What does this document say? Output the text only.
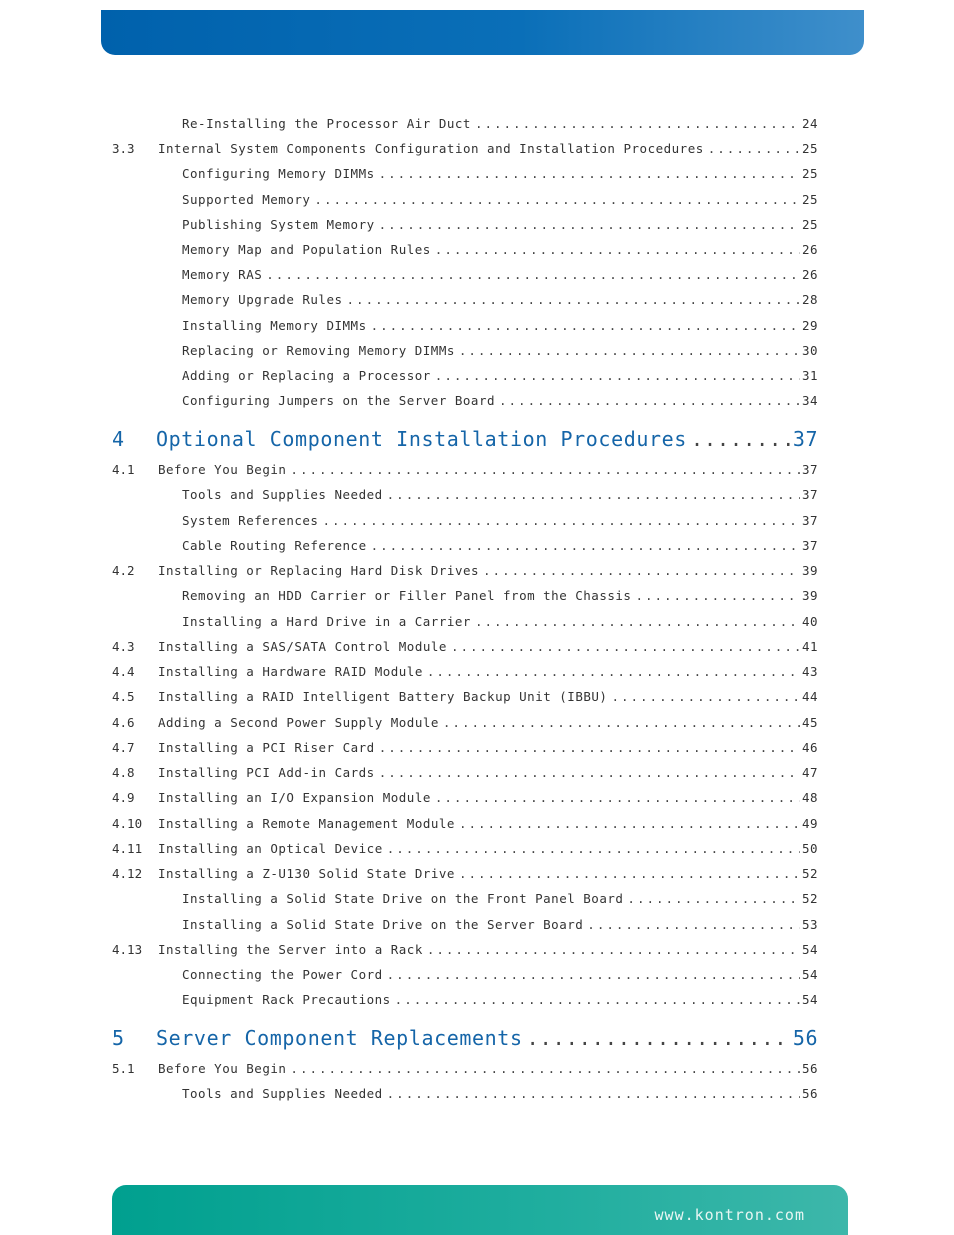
Re-Installing the Processor Air Duct .....	24
3.3	Internal System Components Configuration and Installation Procedures .....	25
Configuring Memory DIMMs .....	25
Supported Memory .....	25
Publishing System Memory .....	25
Memory Map and Population Rules .....	26
Memory RAS .....	26
Memory Upgrade Rules .....	28
Installing Memory DIMMs .....	29
Replacing or Removing Memory DIMMs .....	30
Adding or Replacing a Processor .....	31
Configuring Jumpers on the Server Board .....	34
4	Optional Component Installation Procedures .....	37
4.1	Before You Begin .....	37
Tools and Supplies Needed .....	37
System References .....	37
Cable Routing Reference .....	37
4.2	Installing or Replacing Hard Disk Drives .....	39
Removing an HDD Carrier or Filler Panel from the Chassis .....	39
Installing a Hard Drive in a Carrier .....	40
4.3	Installing a SAS/SATA Control Module .....	41
4.4	Installing a Hardware RAID Module .....	43
4.5	Installing a RAID Intelligent Battery Backup Unit (IBBU) .....	44
4.6	Adding a Second Power Supply Module .....	45
4.7	Installing a PCI Riser Card .....	46
4.8	Installing PCI Add-in Cards .....	47
4.9	Installing an I/O Expansion Module .....	48
4.10	Installing a Remote Management Module .....	49
4.11	Installing an Optical Device .....	50
4.12	Installing a Z-U130 Solid State Drive .....	52
Installing a Solid State Drive on the Front Panel Board .....	52
Installing a Solid State Drive on the Server Board .....	53
4.13	Installing the Server into a Rack .....	54
Connecting the Power Cord .....	54
Equipment Rack Precautions .....	54
5	Server Component Replacements .....	56
5.1	Before You Begin .....	56
Tools and Supplies Needed .....	56
www.kontron.com
